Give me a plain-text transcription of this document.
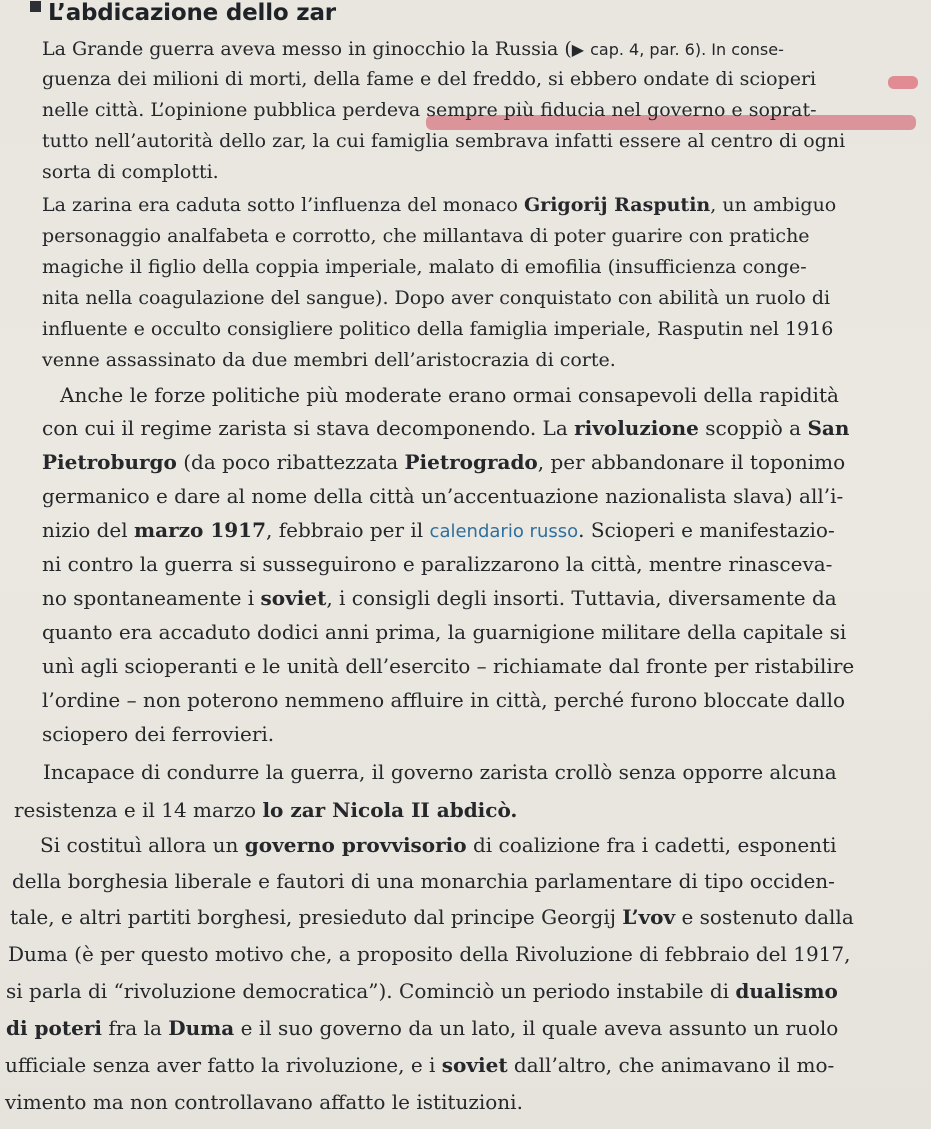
L’abdicazione dello zar
La Grande guerra aveva messo in ginocchio la Russia (▶ cap. 4, par. 6). In conse-
guenza dei milioni di morti, della fame e del freddo, si ebbero ondate di scioperi
nelle città. L’opinione pubblica perdeva sempre più fiducia nel governo e soprat-
tutto nell’autorità dello zar, la cui famiglia sembrava infatti essere al centro di ogni
sorta di complotti.
La zarina era caduta sotto l’influenza del monaco Grigorij Rasputin, un ambiguo
personaggio analfabeta e corrotto, che millantava di poter guarire con pratiche
magiche il figlio della coppia imperiale, malato di emofilia (insufficienza conge-
nita nella coagulazione del sangue). Dopo aver conquistato con abilità un ruolo di
influente e occulto consigliere politico della famiglia imperiale, Rasputin nel 1916
venne assassinato da due membri dell’aristocrazia di corte.
Anche le forze politiche più moderate erano ormai consapevoli della rapidità
con cui il regime zarista si stava decomponendo. La rivoluzione scoppiò a San
Pietroburgo (da poco ribattezzata Pietrogrado, per abbandonare il toponimo
germanico e dare al nome della città un’accentuazione nazionalista slava) all’i-
nizio del marzo 1917, febbraio per il calendario russo. Scioperi e manifestazio-
ni contro la guerra si susseguirono e paralizzarono la città, mentre rinasceva-
no spontaneamente i soviet, i consigli degli insorti. Tuttavia, diversamente da
quanto era accaduto dodici anni prima, la guarnigione militare della capitale si
unì agli scioperanti e le unità dell’esercito – richiamate dal fronte per ristabilire
l’ordine – non poterono nemmeno affluire in città, perché furono bloccate dallo
sciopero dei ferrovieri.
Incapace di condurre la guerra, il governo zarista crollò senza opporre alcuna
resistenza e il 14 marzo lo zar Nicola II abdicò.
Si costituì allora un governo provvisorio di coalizione fra i cadetti, esponenti
della borghesia liberale e fautori di una monarchia parlamentare di tipo occiden-
tale, e altri partiti borghesi, presieduto dal principe Georgij L’vov e sostenuto dalla
Duma (è per questo motivo che, a proposito della Rivoluzione di febbraio del 1917,
si parla di “rivoluzione democratica”). Cominciò un periodo instabile di dualismo
di poteri fra la Duma e il suo governo da un lato, il quale aveva assunto un ruolo
ufficiale senza aver fatto la rivoluzione, e i soviet dall’altro, che animavano il mo-
vimento ma non controllavano affatto le istituzioni.
